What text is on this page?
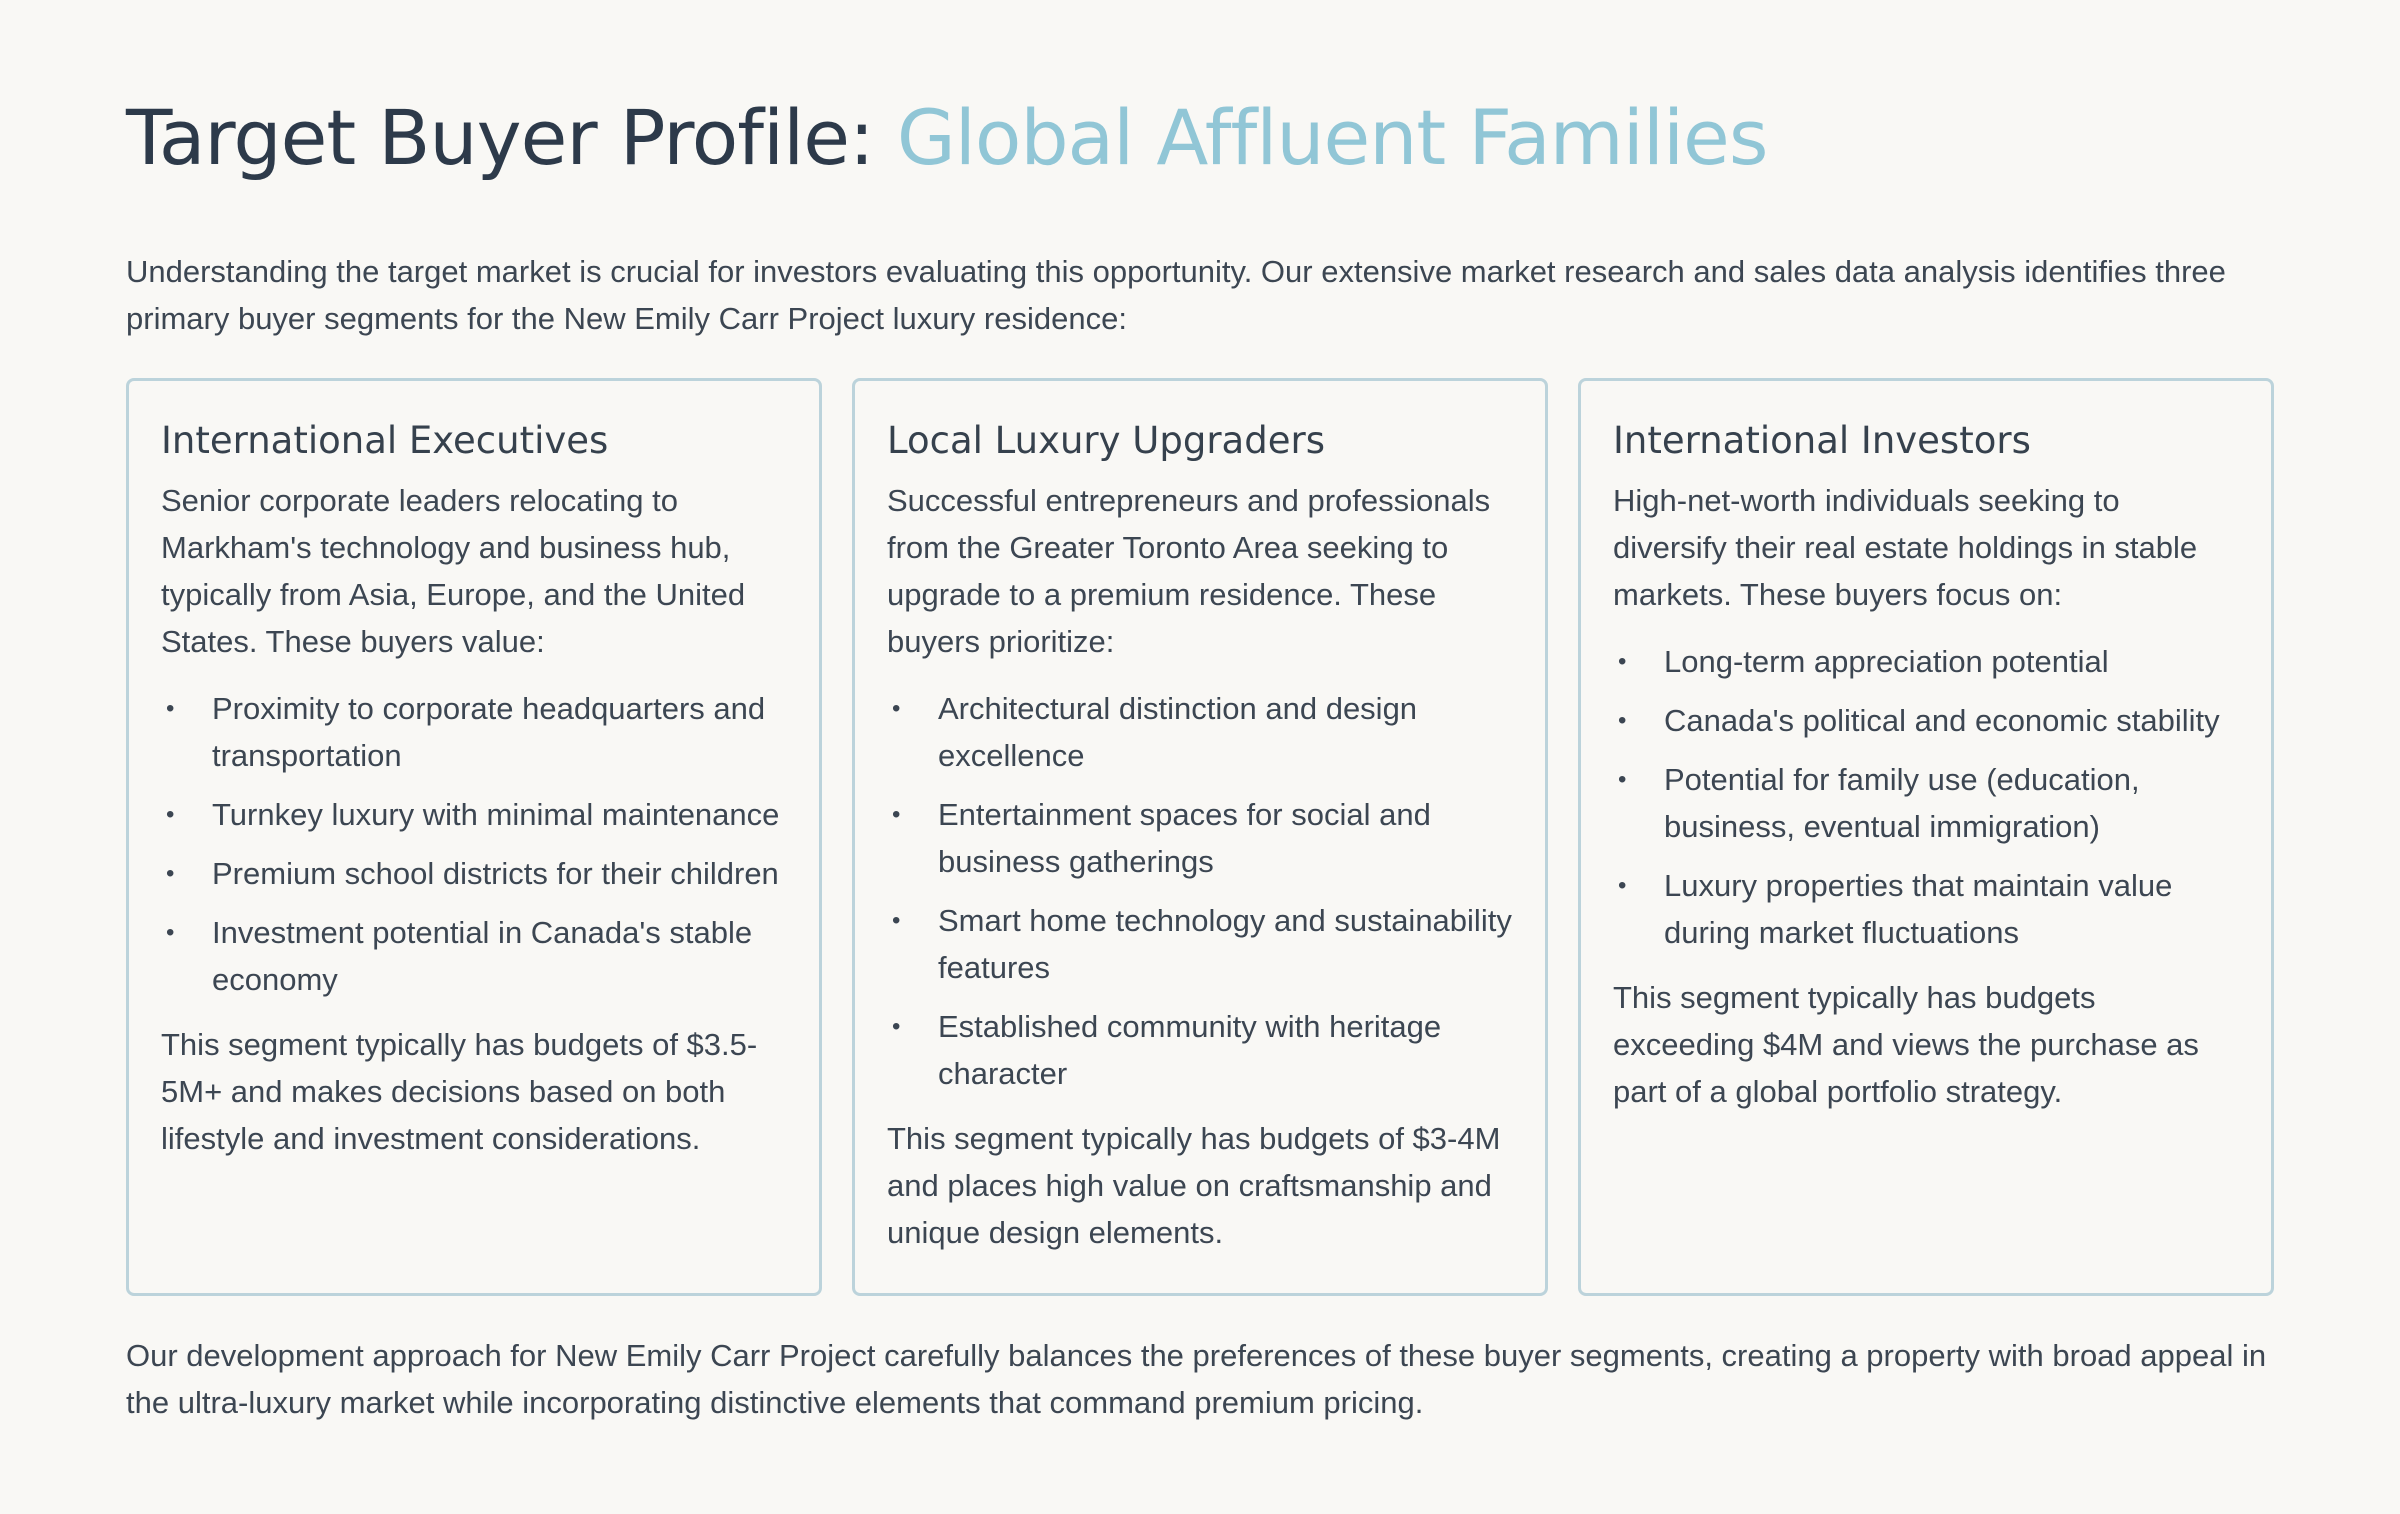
Target Buyer Profile: Global Affluent Families

Understanding the target market is crucial for investors evaluating this opportunity. Our extensive market research and sales data analysis identifies three primary buyer segments for the New Emily Carr Project luxury residence:

International Executives

Senior corporate leaders relocating to Markham's technology and business hub, typically from Asia, Europe, and the United States. These buyers value:

• Proximity to corporate headquarters and transportation
• Turnkey luxury with minimal maintenance
• Premium school districts for their children
• Investment potential in Canada's stable economy

This segment typically has budgets of $3.5-5M+ and makes decisions based on both lifestyle and investment considerations.

Local Luxury Upgraders

Successful entrepreneurs and professionals from the Greater Toronto Area seeking to upgrade to a premium residence. These buyers prioritize:

• Architectural distinction and design excellence
• Entertainment spaces for social and business gatherings
• Smart home technology and sustainability features
• Established community with heritage character

This segment typically has budgets of $3-4M and places high value on craftsmanship and unique design elements.

International Investors

High-net-worth individuals seeking to diversify their real estate holdings in stable markets. These buyers focus on:

• Long-term appreciation potential
• Canada's political and economic stability
• Potential for family use (education, business, eventual immigration)
• Luxury properties that maintain value during market fluctuations

This segment typically has budgets exceeding $4M and views the purchase as part of a global portfolio strategy.

Our development approach for New Emily Carr Project carefully balances the preferences of these buyer segments, creating a property with broad appeal in the ultra-luxury market while incorporating distinctive elements that command premium pricing.
